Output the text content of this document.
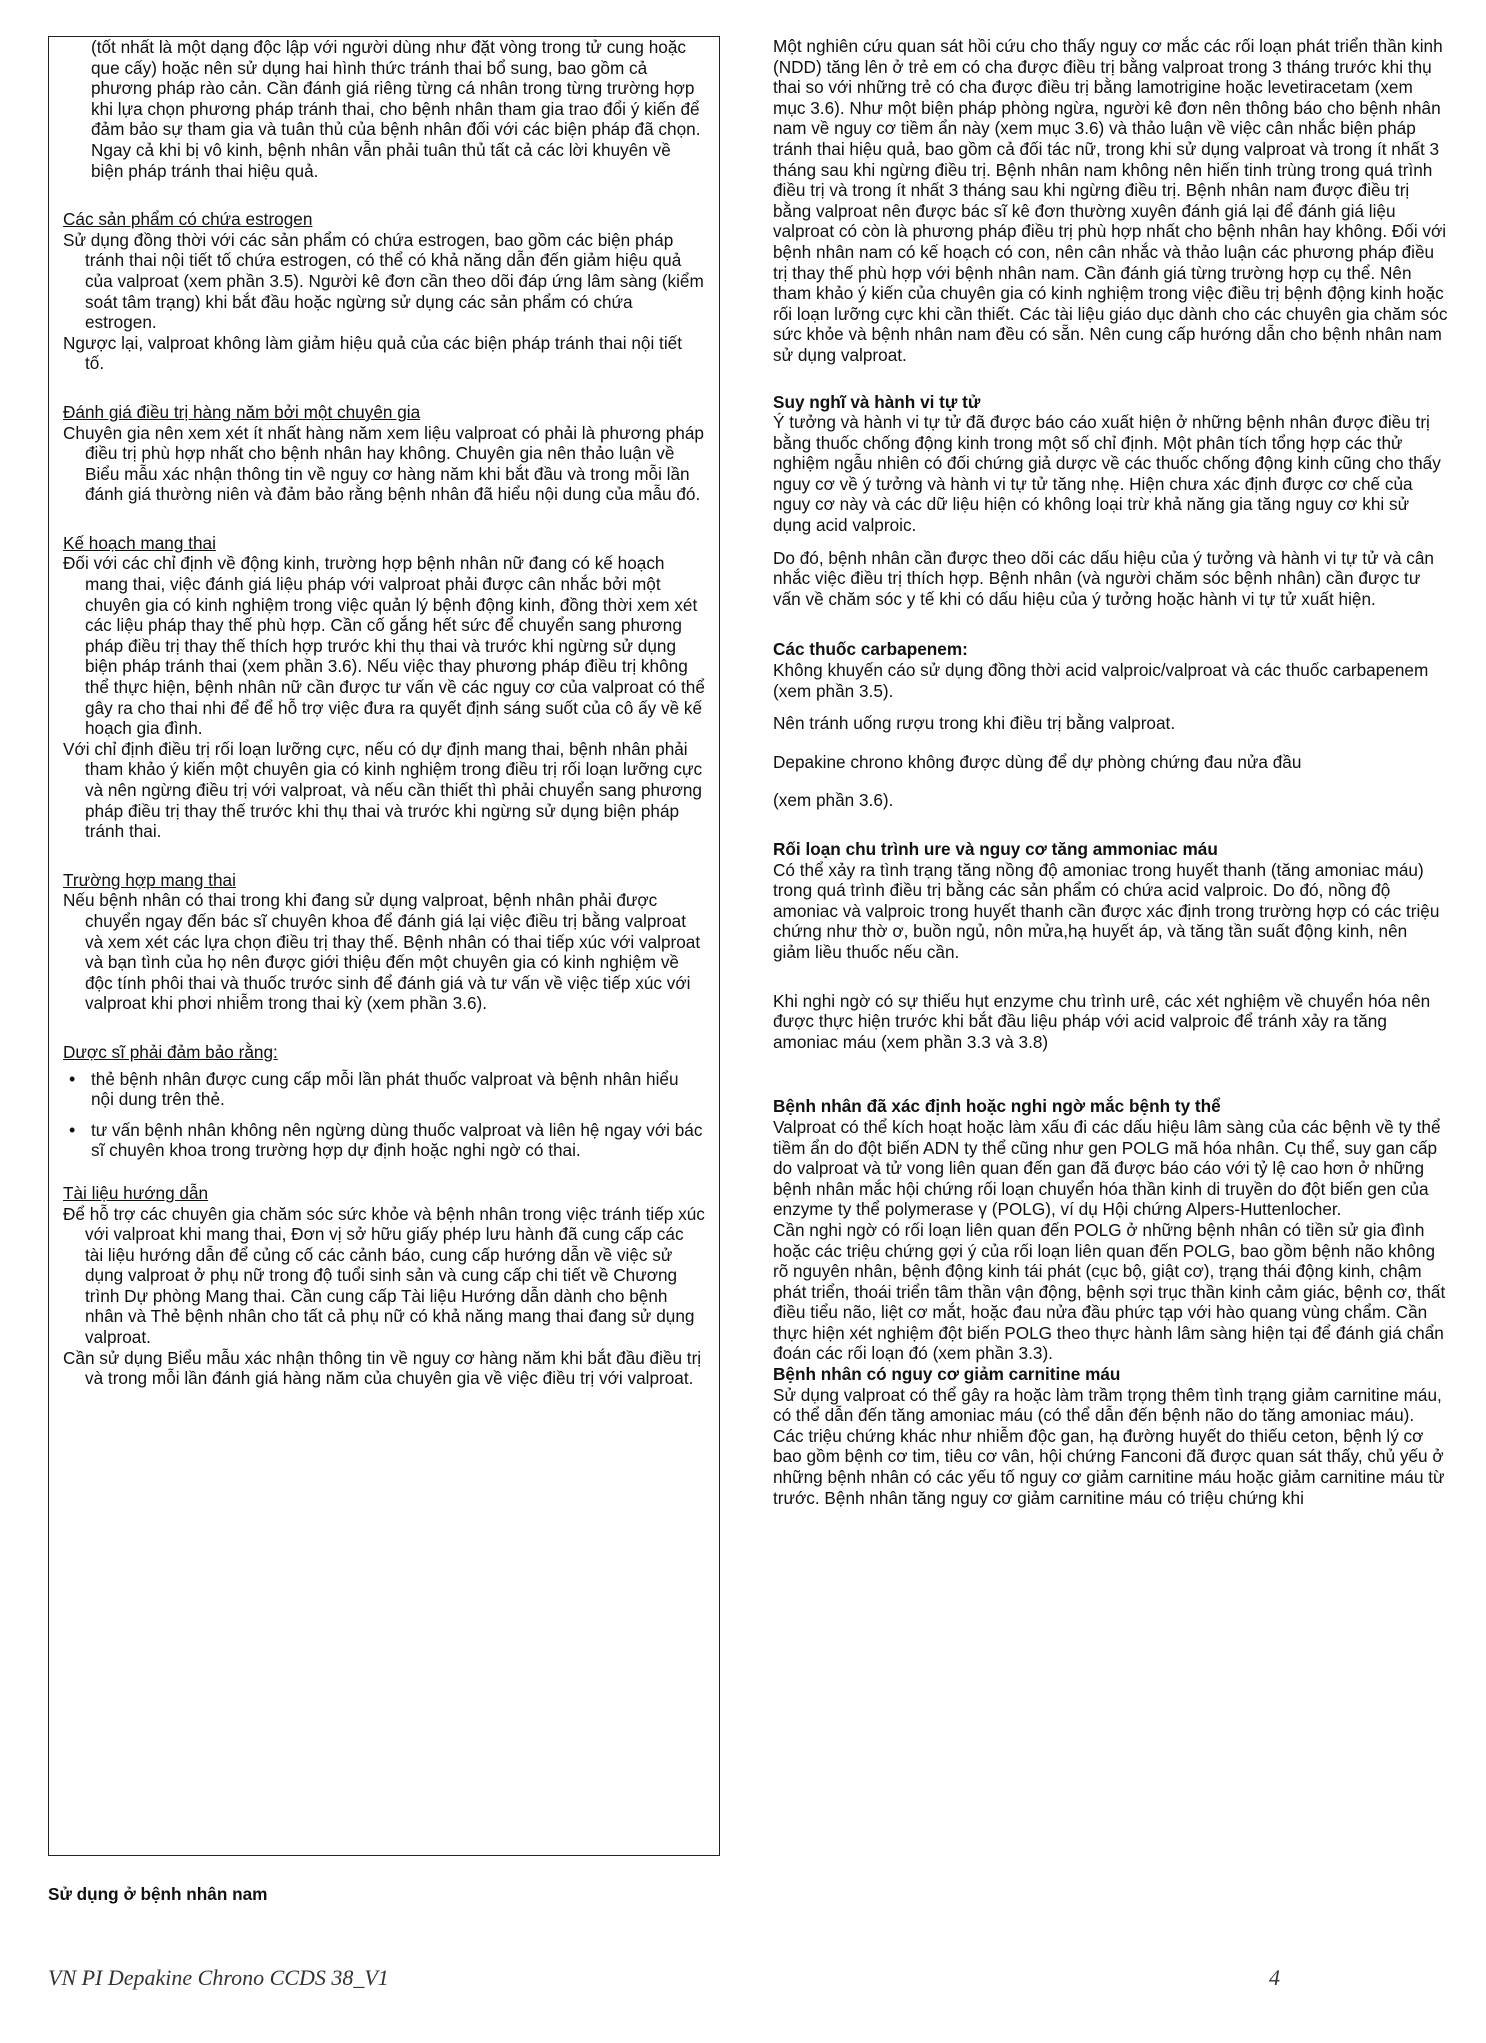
(tốt nhất là một dạng độc lập với người dùng như đặt vòng trong tử cung hoặc que cấy) hoặc nên sử dụng hai hình thức tránh thai bổ sung, bao gồm cả phương pháp rào cản. Cần đánh giá riêng từng cá nhân trong từng trường hợp khi lựa chọn phương pháp tránh thai, cho bệnh nhân tham gia trao đổi ý kiến để đảm bảo sự tham gia và tuân thủ của bệnh nhân đối với các biện pháp đã chọn. Ngay cả khi bị vô kinh, bệnh nhân vẫn phải tuân thủ tất cả các lời khuyên về biện pháp tránh thai hiệu quả.

Các sản phẩm có chứa estrogen

Sử dụng đồng thời với các sản phẩm có chứa estrogen, bao gồm các biện pháp tránh thai nội tiết tố chứa estrogen, có thể có khả năng dẫn đến giảm hiệu quả của valproat (xem phần 3.5). Người kê đơn cần theo dõi đáp ứng lâm sàng (kiểm soát tâm trạng) khi bắt đầu hoặc ngừng sử dụng các sản phẩm có chứa estrogen.

Ngược lại, valproat không làm giảm hiệu quả của các biện pháp tránh thai nội tiết tố.

Đánh giá điều trị hàng năm bởi một chuyên gia

Chuyên gia nên xem xét ít nhất hàng năm xem liệu valproat có phải là phương pháp điều trị phù hợp nhất cho bệnh nhân hay không. Chuyên gia nên thảo luận về Biểu mẫu xác nhận thông tin về nguy cơ hàng năm khi bắt đầu và trong mỗi lần đánh giá thường niên và đảm bảo rằng bệnh nhân đã hiểu nội dung của mẫu đó.

Kế hoạch mang thai

Đối với các chỉ định về động kinh, trường hợp bệnh nhân nữ đang có kế hoạch mang thai, việc đánh giá liệu pháp với valproat phải được cân nhắc bởi một chuyên gia có kinh nghiệm trong việc quản lý bệnh động kinh, đồng thời xem xét các liệu pháp thay thế phù hợp. Cần cố gắng hết sức để chuyển sang phương pháp điều trị thay thế thích hợp trước khi thụ thai và trước khi ngừng sử dụng biện pháp tránh thai (xem phần 3.6). Nếu việc thay phương pháp điều trị không thể thực hiện, bệnh nhân nữ cần được tư vấn về các nguy cơ của valproat có thể gây ra cho thai nhi để để hỗ trợ việc đưa ra quyết định sáng suốt của cô ấy về kế hoạch gia đình.

Với chỉ định điều trị rối loạn lưỡng cực, nếu có dự định mang thai, bệnh nhân phải tham khảo ý kiến một chuyên gia có kinh nghiệm trong điều trị rối loạn lưỡng cực và nên ngừng điều trị với valproat, và nếu cần thiết thì phải chuyển sang phương pháp điều trị thay thế trước khi thụ thai và trước khi ngừng sử dụng biện pháp tránh thai.

Trường hợp mang thai

Nếu bệnh nhân có thai trong khi đang sử dụng valproat, bệnh nhân phải được chuyển ngay đến bác sĩ chuyên khoa để đánh giá lại việc điều trị bằng valproat và xem xét các lựa chọn điều trị thay thế. Bệnh nhân có thai tiếp xúc với valproat và bạn tình của họ nên được giới thiệu đến một chuyên gia có kinh nghiệm về độc tính phôi thai và thuốc trước sinh để đánh giá và tư vấn về việc tiếp xúc với valproat khi phơi nhiễm trong thai kỳ (xem phần 3.6).

Dược sĩ phải đảm bảo rằng:

• thẻ bệnh nhân được cung cấp mỗi lần phát thuốc valproat và bệnh nhân hiểu nội dung trên thẻ.
• tư vấn bệnh nhân không nên ngừng dùng thuốc valproat và liên hệ ngay với bác sĩ chuyên khoa trong trường hợp dự định hoặc nghi ngờ có thai.

Tài liệu hướng dẫn

Để hỗ trợ các chuyên gia chăm sóc sức khỏe và bệnh nhân trong việc tránh tiếp xúc với valproat khi mang thai, Đơn vị sở hữu giấy phép lưu hành đã cung cấp các tài liệu hướng dẫn để củng cố các cảnh báo, cung cấp hướng dẫn về việc sử dụng valproat ở phụ nữ trong độ tuổi sinh sản và cung cấp chi tiết về Chương trình Dự phòng Mang thai. Cần cung cấp Tài liệu Hướng dẫn dành cho bệnh nhân và Thẻ bệnh nhân cho tất cả phụ nữ có khả năng mang thai đang sử dụng valproat.

Cần sử dụng Biểu mẫu xác nhận thông tin về nguy cơ hàng năm khi bắt đầu điều trị và trong mỗi lần đánh giá hàng năm của chuyên gia về việc điều trị với valproat.

Sử dụng ở bệnh nhân nam

Một nghiên cứu quan sát hồi cứu cho thấy nguy cơ mắc các rối loạn phát triển thần kinh (NDD) tăng lên ở trẻ em có cha được điều trị bằng valproat trong 3 tháng trước khi thụ thai so với những trẻ có cha được điều trị bằng lamotrigine hoặc levetiracetam (xem mục 3.6). Như một biện pháp phòng ngừa, người kê đơn nên thông báo cho bệnh nhân nam về nguy cơ tiềm ẩn này (xem mục 3.6) và thảo luận về việc cân nhắc biện pháp tránh thai hiệu quả, bao gồm cả đối tác nữ, trong khi sử dụng valproat và trong ít nhất 3 tháng sau khi ngừng điều trị. Bệnh nhân nam không nên hiến tinh trùng trong quá trình điều trị và trong ít nhất 3 tháng sau khi ngừng điều trị. Bệnh nhân nam được điều trị bằng valproat nên được bác sĩ kê đơn thường xuyên đánh giá lại để đánh giá liệu valproat có còn là phương pháp điều trị phù hợp nhất cho bệnh nhân hay không. Đối với bệnh nhân nam có kế hoạch có con, nên cân nhắc và thảo luận các phương pháp điều trị thay thế phù hợp với bệnh nhân nam. Cần đánh giá từng trường hợp cụ thể. Nên tham khảo ý kiến của chuyên gia có kinh nghiệm trong việc điều trị bệnh động kinh hoặc rối loạn lưỡng cực khi cần thiết. Các tài liệu giáo dục dành cho các chuyên gia chăm sóc sức khỏe và bệnh nhân nam đều có sẵn. Nên cung cấp hướng dẫn cho bệnh nhân nam sử dụng valproat.

Suy nghĩ và hành vi tự tử

Ý tưởng và hành vi tự tử đã được báo cáo xuất hiện ở những bệnh nhân được điều trị bằng thuốc chống động kinh trong một số chỉ định. Một phân tích tổng hợp các thử nghiệm ngẫu nhiên có đối chứng giả dược về các thuốc chống động kinh cũng cho thấy nguy cơ về ý tưởng và hành vi tự tử tăng nhẹ. Hiện chưa xác định được cơ chế của nguy cơ này và các dữ liệu hiện có không loại trừ khả năng gia tăng nguy cơ khi sử dụng acid valproic.

Do đó, bệnh nhân cần được theo dõi các dấu hiệu của ý tưởng và hành vi tự tử và cân nhắc việc điều trị thích hợp. Bệnh nhân (và người chăm sóc bệnh nhân) cần được tư vấn về chăm sóc y tế khi có dấu hiệu của ý tưởng hoặc hành vi tự tử xuất hiện.

Các thuốc carbapenem:

Không khuyến cáo sử dụng đồng thời acid valproic/valproat và các thuốc carbapenem (xem phần 3.5).

Nên tránh uống rượu trong khi điều trị bằng valproat.

Depakine chrono không được dùng để dự phòng chứng đau nửa đầu

(xem phần 3.6).

Rối loạn chu trình ure và nguy cơ tăng ammoniac máu

Có thể xảy ra tình trạng tăng nồng độ amoniac trong huyết thanh (tăng amoniac máu) trong quá trình điều trị bằng các sản phẩm có chứa acid valproic. Do đó, nồng độ amoniac và valproic trong huyết thanh cần được xác định trong trường hợp có các triệu chứng như thờ ơ, buồn ngủ, nôn mửa,hạ huyết áp, và tăng tần suất động kinh, nên giảm liều thuốc nếu cần.

Khi nghi ngờ có sự thiếu hụt enzyme chu trình urê, các xét nghiệm về chuyển hóa nên được thực hiện trước khi bắt đầu liệu pháp với acid valproic để tránh xảy ra tăng amoniac máu (xem phần 3.3 và 3.8)

Bệnh nhân đã xác định hoặc nghi ngờ mắc bệnh ty thể

Valproat có thể kích hoạt hoặc làm xấu đi các dấu hiệu lâm sàng của các bệnh về ty thể tiềm ẩn do đột biến ADN ty thể cũng như gen POLG mã hóa nhân. Cụ thể, suy gan cấp do valproat và tử vong liên quan đến gan đã được báo cáo với tỷ lệ cao hơn ở những bệnh nhân mắc hội chứng rối loạn chuyển hóa thần kinh di truyền do đột biến gen của enzyme ty thể polymerase γ (POLG), ví dụ Hội chứng Alpers-Huttenlocher.

Cần nghi ngờ có rối loạn liên quan đến POLG ở những bệnh nhân có tiền sử gia đình hoặc các triệu chứng gợi ý của rối loạn liên quan đến POLG, bao gồm bệnh não không rõ nguyên nhân, bệnh động kinh tái phát (cục bộ, giật cơ), trạng thái động kinh, chậm phát triển, thoái triển tâm thần vận động, bệnh sợi trục thần kinh cảm giác, bệnh cơ, thất điều tiểu não, liệt cơ mắt, hoặc đau nửa đầu phức tạp với hào quang vùng chẩm. Cần thực hiện xét nghiệm đột biến POLG theo thực hành lâm sàng hiện tại để đánh giá chẩn đoán các rối loạn đó (xem phần 3.3).

Bệnh nhân có nguy cơ giảm carnitine máu

Sử dụng valproat có thể gây ra hoặc làm trầm trọng thêm tình trạng giảm carnitine máu, có thể dẫn đến tăng amoniac máu (có thể dẫn đến bệnh não do tăng amoniac máu). Các triệu chứng khác như nhiễm độc gan, hạ đường huyết do thiếu ceton, bệnh lý cơ bao gồm bệnh cơ tim, tiêu cơ vân, hội chứng Fanconi đã được quan sát thấy, chủ yếu ở những bệnh nhân có các yếu tố nguy cơ giảm carnitine máu hoặc giảm carnitine máu từ trước. Bệnh nhân tăng nguy cơ giảm carnitine máu có triệu chứng khi

VN PI Depakine Chrono CCDS 38_V1	4
